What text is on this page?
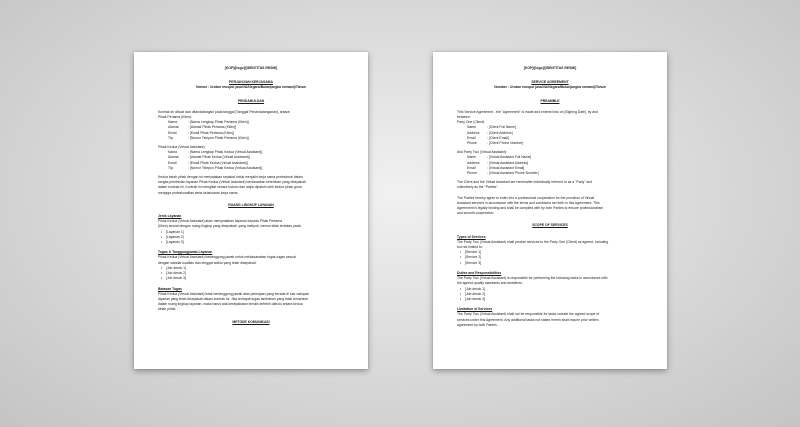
[KOP]/[logo]/[IDENTITAS RESMI]
PERJANJIAN KERJASAMA
Nomor : Urutan reuspot jasa/VA/Negara/Bulan(angka romawi)/Tahun
PENDAHULUAN
Kontrak ini dibuat dan ditandatangani pada tanggal [Tanggal Penandatanganan], antara:
Pihak Pertama (Klien):
Nama	: [Nama Lengkap Pihak Pertama (Klien)]
Alamat	: [Alamat Pihak Pertama (Klien)]
Email	: [Email Pihak Pertama (Klien)]
Tlp.	: [Nomor Telepon Pihak Pertama (Klien)]
Pihak Kedua (Virtual Assistant):
Nama	: [Nama Lengkap Pihak Kedua (Virtual Assistant)]
Alamat	: [Alamat Pihak Kedua (Virtual Assistant)]
Email	: [Email Pihak Kedua (Virtual Assistant)]
Tlp.	: [Nomor Telepon Pihak Kedua (Virtual Assistant)]
Kedua belah pihak dengan ini menyatakan sepakat untuk menjalin kerja sama profesional dalam
rangka pemberian layanan Pihak Kedua (Virtual Assistant) berdasarkan ketentuan yang disepakati
dalam kontrak ini. Kontrak ini mengikat secara hukum dan wajib dipatuhi oleh kedua pihak guna
menjaga profesionalitas serta kelancaran kerja sama.
RUANG LINGKUP LAYANAN
Jenis Layanan
Pihak Kedua (Virtual Assistant) akan menyediakan layanan kepada Pihak Pertama
(Klien) sesuai dengan ruang lingkup yang disepakati, yang meliputi, namun tidak terbatas pada:
• [Layanan 1]
• [Layanan 2]
• [Layanan 3]
Tugas & Tanggungjawab Layanan
Pihak Kedua (Virtual Assistant) bertanggung jawab untuk melaksanakan tugas-tugas sesuai
dengan standar kualitas dan tenggat waktu yang telah disepakati:
• [Job desck 1]
• [Job desck 2]
• [Job desck 3]
Batasan Tugas
Pihak Kedua (Virtual Assistant) tidak bertanggung jawab atas pekerjaan yang berada di luar cakupan
layanan yang telah disepakati dalam kontrak ini. Jika terdapat tugas tambahan yang tidak tercantum
dalam ruang lingkup layanan, maka harus ada kesepakatan tertulis terlebih dahulu antara kedua
belah pihak.
METODE KOMUNIKASI
[KOP]/[logo]/[IDENTITAS RESMI]
SERVICE AGREEMENT
Number : Urutan reuspot jasa/VA/Negara/Bulan(angka romawi)/Tahun
PREAMBLE
This Service Agreement - the "Agreement" is made and entered into on [Signing Date], by and
between:
Party One (Client):
Name	: [Client Full Name]
Address	: [Client Address]
Email	: [Client Email]
Phone	: [Client Phone Number]
And Party Two (Virtual Assistant):
Name	: [Virtual Assistant Full Name]
Address	: [Virtual Assistant Address]
Email	: [Virtual Assistant Email]
Phone	: [Virtual Assistant Phone Number]
The Client and the Virtual Assistant are hereinafter individually referred to as a "Party" and
collectively as the "Parties".
The Parties hereby agree to enter into a professional cooperation for the provision of Virtual
Assistant services in accordance with the terms and conditions set forth in this Agreement. This
Agreement is legally binding and shall be complied with by both Parties to ensure professionalism
and smooth cooperation.
SCOPE OF SERVICES
Types of Services
The Party Two (Virtual Assistant) shall provide services to the Party One (Client) as agreed, including
but not limited to:
• [Service 1]
• [Service 2]
• [Service 3]
Duties and Responsibilities
The Party Two (Virtual Assistant) is responsible for performing the following tasks in accordance with
the agreed quality standards and deadlines:
• [Job desck 1]
• [Job desck 2]
• [Job desck 3]
Limitation of Services
The Party Two (Virtual Assistant) shall not be responsible for tasks outside the agreed scope of
services under this Agreement. Any additional tasks not stated herein shall require prior written
agreement by both Parties.
